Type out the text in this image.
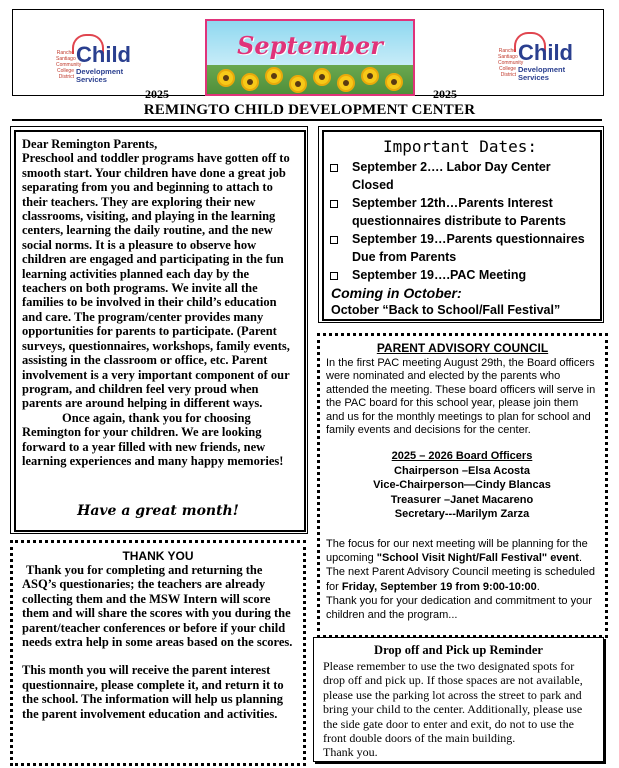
Rancho
Santiago
Community
College
District
Child
Development
Services
Rancho
Santiago
Community
College
District
Child
Development
Services
2025	2025
September
REMINGTO CHILD DEVELOPMENT CENTER

Dear Remington Parents,

Preschool and toddler programs have gotten off to smooth start. Your children have done a great job separating from you and beginning to attach to their teachers. They are exploring their new classrooms, visiting, and playing in the learning centers, learning the daily routine, and the new social norms. It is a pleasure to observe how children are engaged and participating in the fun learning activities planned each day by the teachers on both programs. We invite all the families to be involved in their child’s education and care. The program/center provides many opportunities for parents to participate. (Parent surveys, questionnaires, workshops, family events, assisting in the classroom or office, etc. Parent involvement is a very important component of our program, and children feel very proud when parents are around helping in different ways.

Once again, thank you for choosing Remington for your children. We are looking forward to a year filled with new friends, new learning experiences and many happy memories!

Have a great month!
THANK YOU

Thank you for completing and returning the ASQ’s questionaries; the teachers are already collecting them and the MSW Intern will score them and will share the scores with you during the parent/teacher conferences or before if your child needs extra help in some areas based on the scores.

This month you will receive the parent interest questionnaire, please complete it, and return it to the school. The information will help us planning the parent involvement education and activities.

Important Dates:
September 2…. Labor Day Center Closed
September 12th…Parents Interest questionnaires distribute to Parents
September 19…Parents questionnaires Due from Parents
September 19….PAC Meeting
Coming in October:
October “Back to School/Fall Festival”
PARENT ADVISORY COUNCIL

In the first PAC meeting August 29th, the Board officers were nominated and elected by the parents who attended the meeting. These board officers will serve in the PAC board for this school year, please join them and us for the monthly meetings to plan for school and family events and decisions for the center.

2025 – 2026 Board Officers
Chairperson –Elsa Acosta
Vice-Chairperson—Cindy Blancas
Treasurer –Janet Macareno
Secretary---Marilym Zarza

The focus for our next meeting will be planning for the upcoming "School Visit Night/Fall Festival" event. The next Parent Advisory Council meeting is scheduled for Friday, September 19 from 9:00-10:00.

Thank you for your dedication and commitment to your children and the program...

Drop off and Pick up Reminder

Please remember to use the two designated spots for drop off and pick up. If those spaces are not available, please use the parking lot across the street to park and bring your child to the center. Additionally, please use the side gate door to enter and exit, do not to use the front double doors of the main building.

Thank you.
